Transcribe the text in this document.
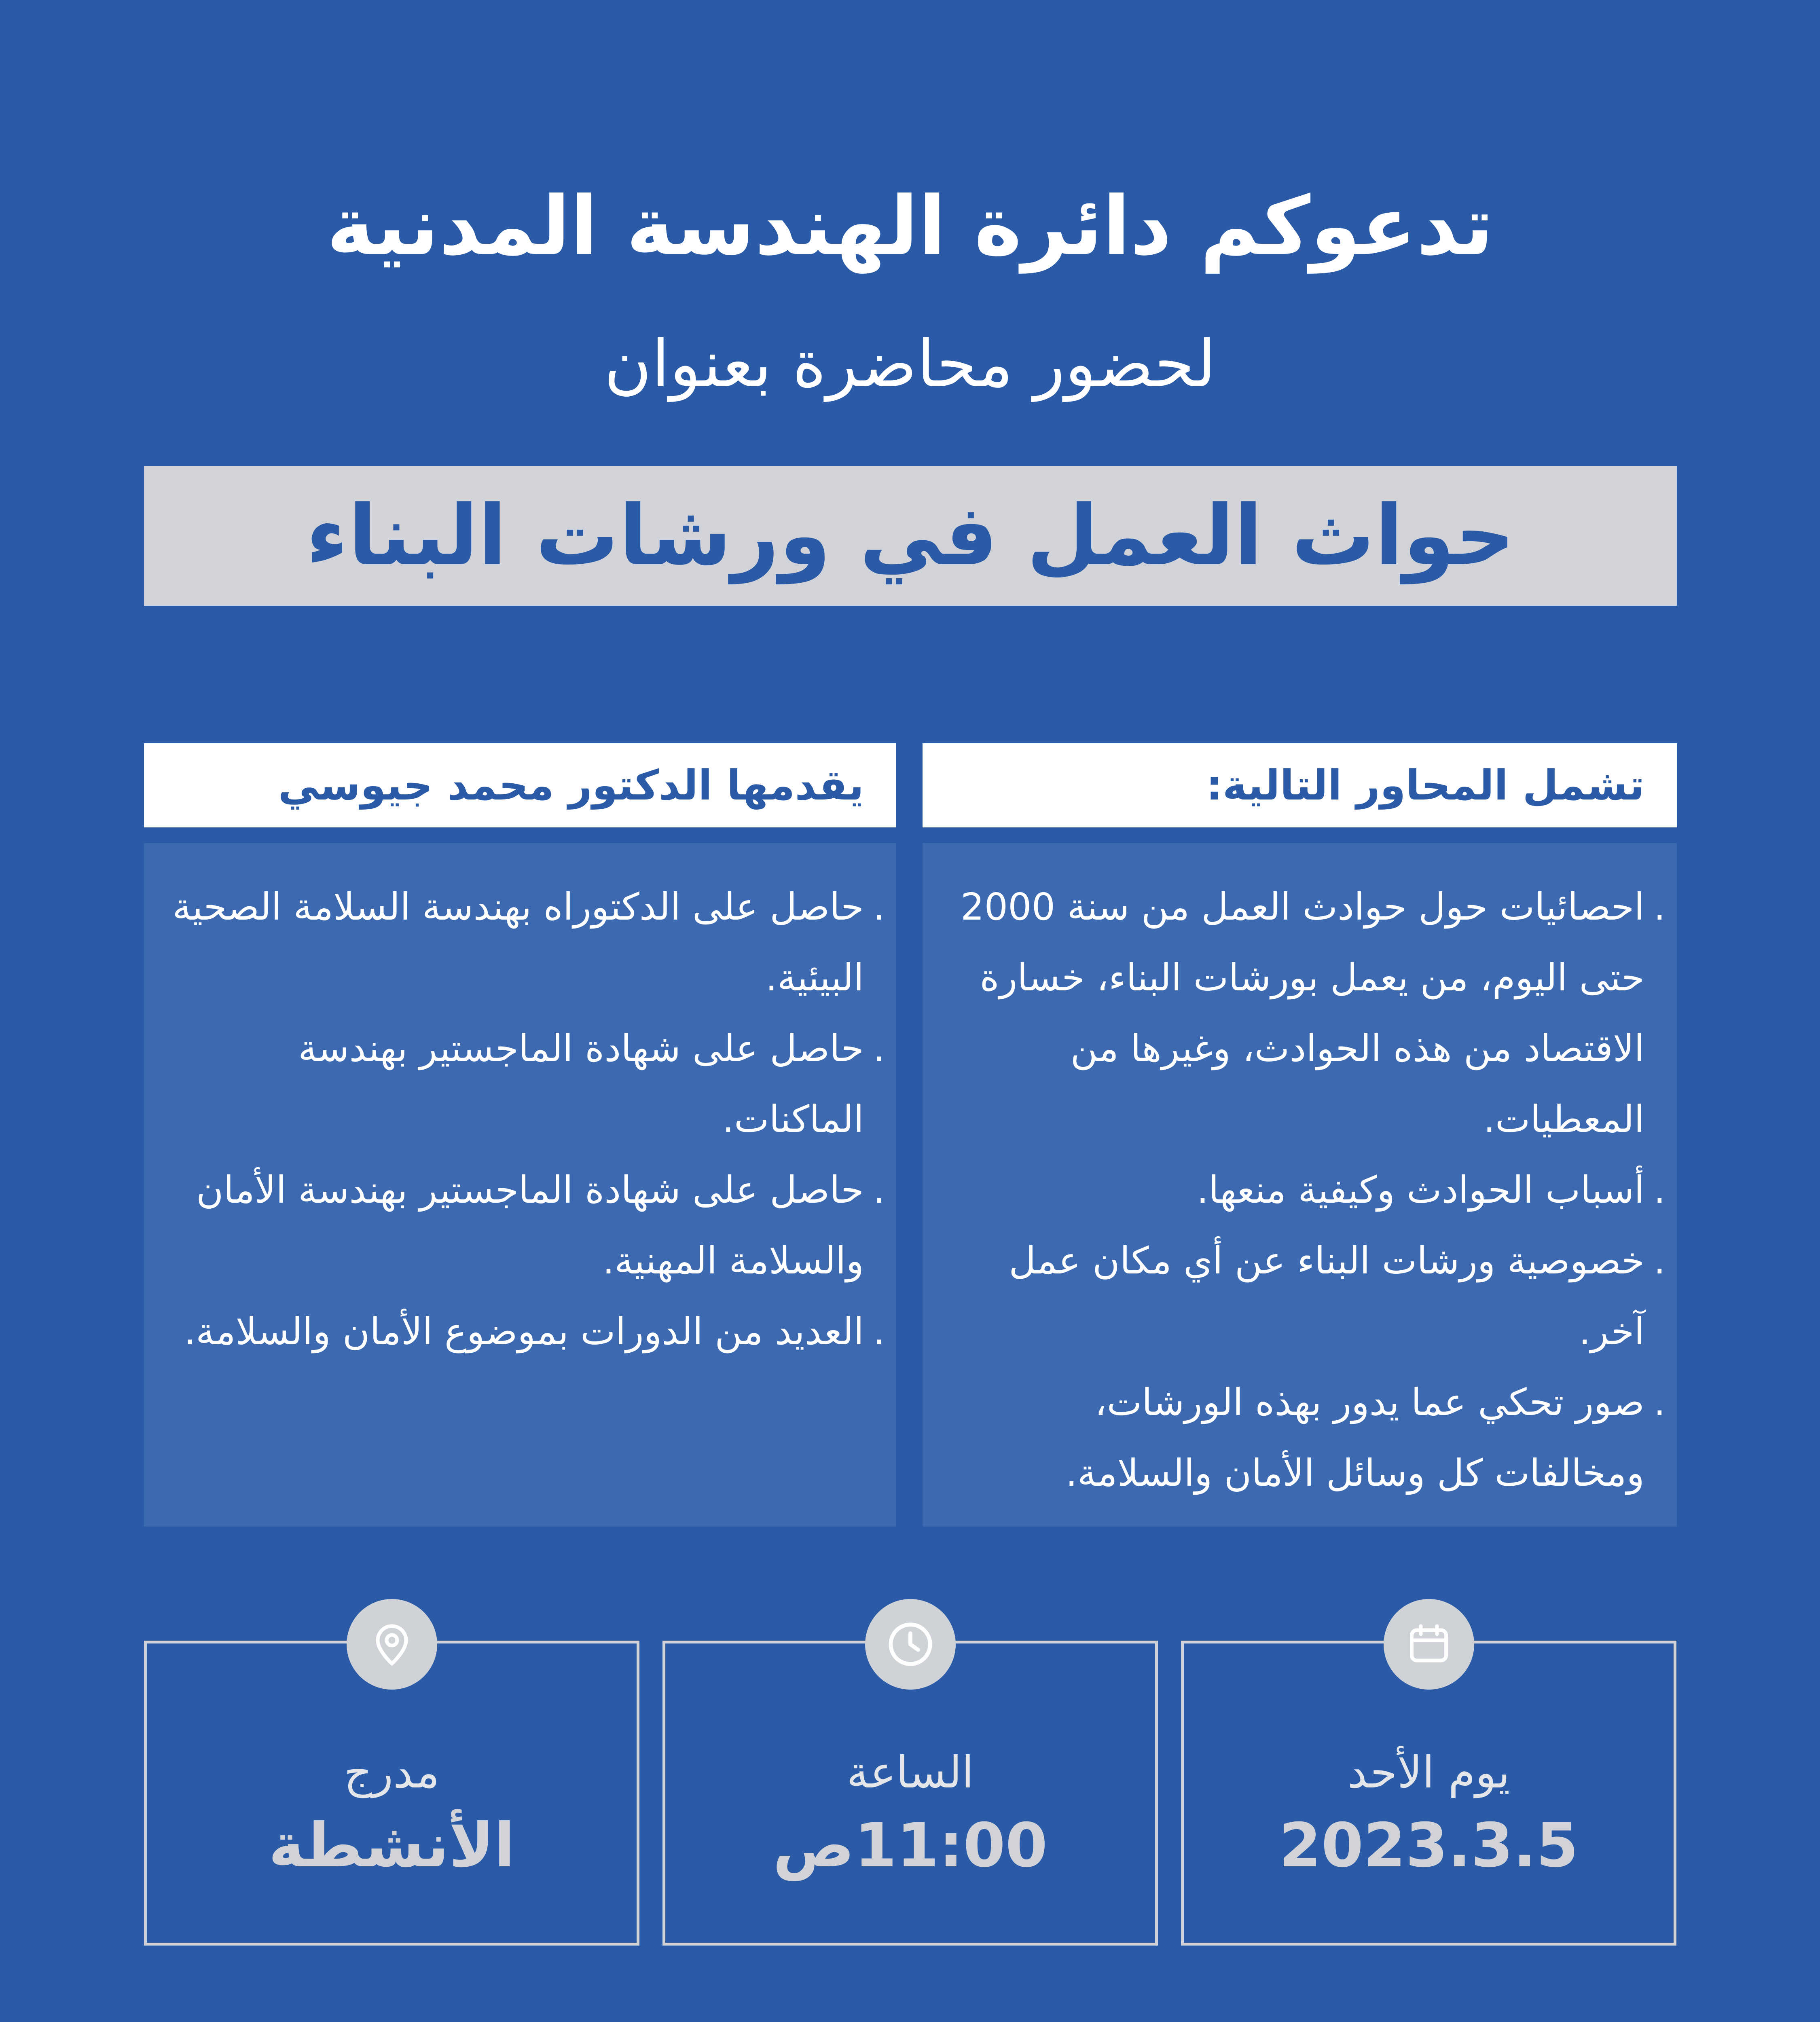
تدعوكم دائرة الهندسة المدنية
لحضور محاضرة بعنوان
حواث العمل في ورشات البناء
تشمل المحاور التالية:
يقدمها الدكتور محمد جيوسي
.
احصائيات حول حوادث العمل من سنة 2000 حتى اليوم، من يعمل بورشات البناء، خسارة الاقتصاد من هذه الحوادث، وغيرها من المعطيات.
.
أسباب الحوادث وكيفية منعها.
.
خصوصية ورشات البناء عن أي مكان عمل آخر.
.
صور تحكي عما يدور بهذه الورشات، ومخالفات كل وسائل الأمان والسلامة.
.
حاصل على الدكتوراه بهندسة السلامة الصحية البيئية.
.
حاصل على شهادة الماجستير بهندسة الماكنات.
.
حاصل على شهادة الماجستير بهندسة الأمان والسلامة المهنية.
.
العديد من الدورات بموضوع الأمان والسلامة.
يوم الأحد
2023.3.5
الساعة
11:00ص
مدرج
الأنشطة
